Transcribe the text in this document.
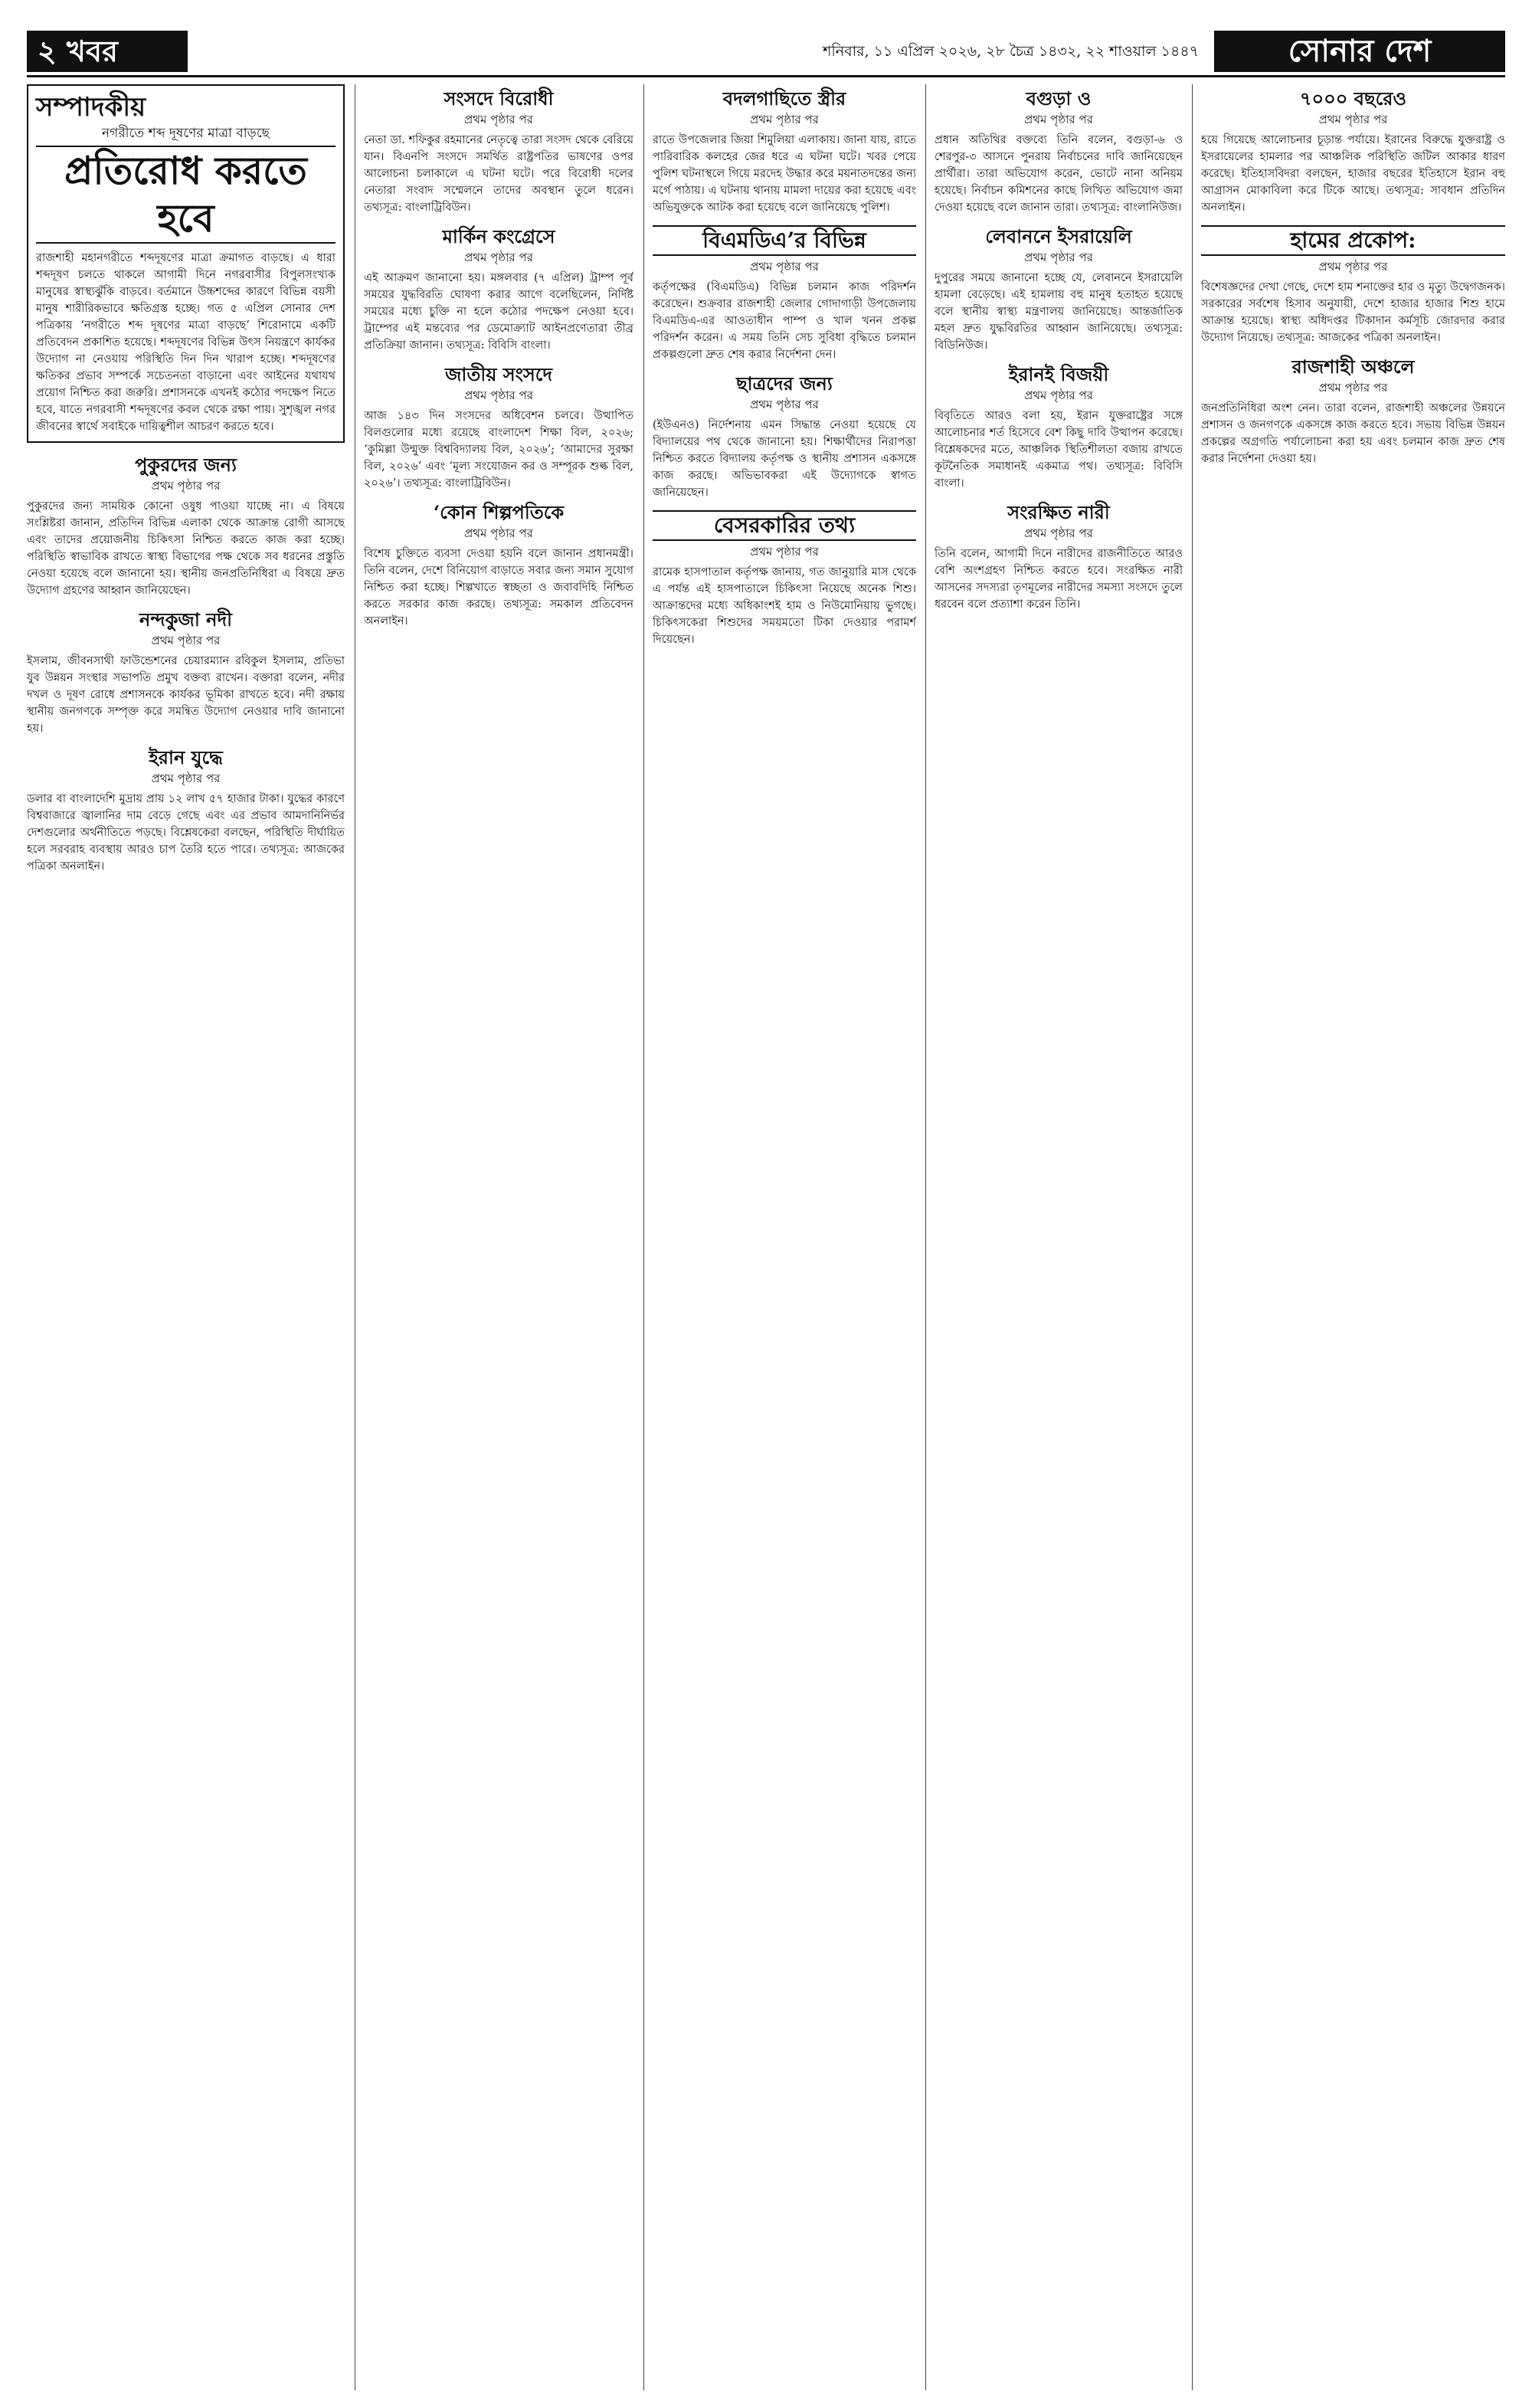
২ খবর	শনিবার, ১১ এপ্রিল ২০২৬, ২৮ চৈত্র ১৪৩২, ২২ শাওয়াল ১৪৪৭	সোনার দেশ
সম্পাদকীয়
নগরীতে শব্দ দূষণের মাত্রা বাড়ছে
প্রতিরোধ করতে হবে
রাজশাহী মহানগরীতে শব্দদূষণের মাত্রা ক্রমাগত বাড়ছে। এ ধারা শব্দদূষণ চলতে থাকলে আগামী দিনে নগরবাসীর বিপুলসংখ্যক মানুষের স্বাস্থ্যঝুঁকি বাড়বে। বর্তমানে উচ্চশব্দের কারণে বিভিন্ন বয়সী মানুষ শারীরিকভাবে ক্ষতিগ্রস্ত হচ্ছে। গত ৫ এপ্রিল সোনার দেশ পত্রিকায় ‘নগরীতে শব্দ দূষণের মাত্রা বাড়ছে’ শিরোনামে একটি প্রতিবেদন প্রকাশিত হয়েছে। শব্দদূষণের বিভিন্ন উৎস নিয়ন্ত্রণে কার্যকর উদ্যোগ না নেওয়ায় পরিস্থিতি দিন দিন খারাপ হচ্ছে। শব্দদূষণের ক্ষতিকর প্রভাব সম্পর্কে সচেতনতা বাড়ানো এবং আইনের যথাযথ প্রয়োগ নিশ্চিত করা জরুরি। প্রশাসনকে এখনই কঠোর পদক্ষেপ নিতে হবে, যাতে নগরবাসী শব্দদূষণের কবল থেকে রক্ষা পায়। সুশৃঙ্খল নগর জীবনের স্বার্থে সবাইকে দায়িত্বশীল আচরণ করতে হবে।
পুকুরদের জন্য
প্রথম পৃষ্ঠার পর
পুকুরদের জন্য সাময়িক কোনো ওষুধ পাওয়া যাচ্ছে না। এ বিষয়ে সংশ্লিষ্টরা জানান, প্রতিদিন বিভিন্ন এলাকা থেকে আক্রান্ত রোগী আসছে এবং তাদের প্রয়োজনীয় চিকিৎসা নিশ্চিত করতে কাজ করা হচ্ছে। পরিস্থিতি স্বাভাবিক রাখতে স্বাস্থ্য বিভাগের পক্ষ থেকে সব ধরনের প্রস্তুতি নেওয়া হয়েছে বলে জানানো হয়। স্থানীয় জনপ্রতিনিধিরা এ বিষয়ে দ্রুত উদ্যোগ গ্রহণের আহ্বান জানিয়েছেন।
নন্দকুজা নদী
প্রথম পৃষ্ঠার পর
ইসলাম, জীবনসাথী ফাউন্ডেশনের চেয়ারম্যান রবিকুল ইসলাম, প্রতিভা যুব উন্নয়ন সংস্থার সভাপতি প্রমুখ বক্তব্য রাখেন। বক্তারা বলেন, নদীর দখল ও দূষণ রোধে প্রশাসনকে কার্যকর ভূমিকা রাখতে হবে। নদী রক্ষায় স্থানীয় জনগণকে সম্পৃক্ত করে সমন্বিত উদ্যোগ নেওয়ার দাবি জানানো হয়।
ইরান যুদ্ধে
প্রথম পৃষ্ঠার পর
ডলার বা বাংলাদেশি মুদ্রায় প্রায় ১২ লাখ ৫৭ হাজার টাকা। যুদ্ধের কারণে বিশ্ববাজারে জ্বালানির দাম বেড়ে গেছে এবং এর প্রভাব আমদানিনির্ভর দেশগুলোর অর্থনীতিতে পড়ছে। বিশ্লেষকেরা বলছেন, পরিস্থিতি দীর্ঘায়িত হলে সরবরাহ ব্যবস্থায় আরও চাপ তৈরি হতে পারে। তথ্যসূত্র: আজকের পত্রিকা অনলাইন।
সংসদে বিরোধী
প্রথম পৃষ্ঠার পর
নেতা ডা. শফিকুর রহমানের নেতৃত্বে তারা সংসদ থেকে বেরিয়ে যান। বিএনপি সংসদে সমর্থিত রাষ্ট্রপতির ভাষণের ওপর আলোচনা চলাকালে এ ঘটনা ঘটে। পরে বিরোধী দলের নেতারা সংবাদ সম্মেলনে তাদের অবস্থান তুলে ধরেন। তথ্যসূত্র: বাংলাট্রিবিউন।
মার্কিন কংগ্রেসে
প্রথম পৃষ্ঠার পর
এই আক্রমণ জানানো হয়। মঙ্গলবার (৭ এপ্রিল) ট্রাম্প পূর্ব সময়ের যুদ্ধবিরতি ঘোষণা করার আগে বলেছিলেন, নির্দিষ্ট সময়ের মধ্যে চুক্তি না হলে কঠোর পদক্ষেপ নেওয়া হবে। ট্রাম্পের এই মন্তব্যের পর ডেমোক্র্যাট আইনপ্রণেতারা তীব্র প্রতিক্রিয়া জানান। তথ্যসূত্র: বিবিসি বাংলা।
জাতীয় সংসদে
প্রথম পৃষ্ঠার পর
আজ ১৪৩ দিন সংসদের অধিবেশন চলবে। উত্থাপিত বিলগুলোর মধ্যে রয়েছে বাংলাদেশ শিক্ষা বিল, ২০২৬; ‘কুমিল্লা উন্মুক্ত বিশ্ববিদ্যালয় বিল, ২০২৬’; ‘আমাদের সুরক্ষা বিল, ২০২৬’ এবং ‘মূল্য সংযোজন কর ও সম্পূরক শুল্ক বিল, ২০২৬’। তথ্যসূত্র: বাংলাট্রিবিউন।
‘কোন শিল্পপতিকে
প্রথম পৃষ্ঠার পর
বিশেষ চুক্তিতে ব্যবসা দেওয়া হয়নি বলে জানান প্রধানমন্ত্রী। তিনি বলেন, দেশে বিনিয়োগ বাড়াতে সবার জন্য সমান সুযোগ নিশ্চিত করা হচ্ছে। শিল্পখাতে স্বচ্ছতা ও জবাবদিহি নিশ্চিত করতে সরকার কাজ করছে। তথ্যসূত্র: সমকাল প্রতিবেদন অনলাইন।
বদলগাছিতে স্ত্রীর
প্রথম পৃষ্ঠার পর
রাতে উপজেলার জিয়া শিমুলিয়া এলাকায়। জানা যায়, রাতে পারিবারিক কলহের জের ধরে এ ঘটনা ঘটে। খবর পেয়ে পুলিশ ঘটনাস্থলে গিয়ে মরদেহ উদ্ধার করে ময়নাতদন্তের জন্য মর্গে পাঠায়। এ ঘটনায় থানায় মামলা দায়ের করা হয়েছে এবং অভিযুক্তকে আটক করা হয়েছে বলে জানিয়েছে পুলিশ।
বিএমডিএ’র বিভিন্ন
প্রথম পৃষ্ঠার পর
কর্তৃপক্ষের (বিএমডিএ) বিভিন্ন চলমান কাজ পরিদর্শন করেছেন। শুক্রবার রাজশাহী জেলার গোদাগাড়ী উপজেলায় বিএমডিএ-এর আওতাধীন পাম্প ও খাল খনন প্রকল্প পরিদর্শন করেন। এ সময় তিনি সেচ সুবিধা বৃদ্ধিতে চলমান প্রকল্পগুলো দ্রুত শেষ করার নির্দেশনা দেন।
ছাত্রদের জন্য
প্রথম পৃষ্ঠার পর
(ইউএনও) নির্দেশনায় এমন সিদ্ধান্ত নেওয়া হয়েছে যে বিদ্যালয়ের পথ থেকে জানানো হয়। শিক্ষার্থীদের নিরাপত্তা নিশ্চিত করতে বিদ্যালয় কর্তৃপক্ষ ও স্থানীয় প্রশাসন একসঙ্গে কাজ করছে। অভিভাবকরা এই উদ্যোগকে স্বাগত জানিয়েছেন।
বেসরকারির তথ্য
প্রথম পৃষ্ঠার পর
রামেক হাসপাতাল কর্তৃপক্ষ জানায়, গত জানুয়ারি মাস থেকে এ পর্যন্ত এই হাসপাতালে চিকিৎসা নিয়েছে অনেক শিশু। আক্রান্তদের মধ্যে অধিকাংশই হাম ও নিউমোনিয়ায় ভুগছে। চিকিৎসকেরা শিশুদের সময়মতো টিকা দেওয়ার পরামর্শ দিয়েছেন।
বগুড়া ও
প্রথম পৃষ্ঠার পর
প্রধান অতিথির বক্তব্যে তিনি বলেন, বগুড়া-৬ ও শেরপুর-৩ আসনে পুনরায় নির্বাচনের দাবি জানিয়েছেন প্রার্থীরা। তারা অভিযোগ করেন, ভোটে নানা অনিয়ম হয়েছে। নির্বাচন কমিশনের কাছে লিখিত অভিযোগ জমা দেওয়া হয়েছে বলে জানান তারা। তথ্যসূত্র: বাংলানিউজ।
লেবাননে ইসরায়েলি
প্রথম পৃষ্ঠার পর
দুপুরের সময়ে জানানো হচ্ছে যে, লেবাননে ইসরায়েলি হামলা বেড়েছে। এই হামলায় বহু মানুষ হতাহত হয়েছে বলে স্থানীয় স্বাস্থ্য মন্ত্রণালয় জানিয়েছে। আন্তর্জাতিক মহল দ্রুত যুদ্ধবিরতির আহ্বান জানিয়েছে। তথ্যসূত্র: বিডিনিউজ।
ইরানই বিজয়ী
প্রথম পৃষ্ঠার পর
বিবৃতিতে আরও বলা হয়, ইরান যুক্তরাষ্ট্রের সঙ্গে আলোচনার শর্ত হিসেবে বেশ কিছু দাবি উত্থাপন করেছে। বিশ্লেষকদের মতে, আঞ্চলিক স্থিতিশীলতা বজায় রাখতে কূটনৈতিক সমাধানই একমাত্র পথ। তথ্যসূত্র: বিবিসি বাংলা।
সংরক্ষিত নারী
প্রথম পৃষ্ঠার পর
তিনি বলেন, আগামী দিনে নারীদের রাজনীতিতে আরও বেশি অংশগ্রহণ নিশ্চিত করতে হবে। সংরক্ষিত নারী আসনের সদস্যরা তৃণমূলের নারীদের সমস্যা সংসদে তুলে ধরবেন বলে প্রত্যাশা করেন তিনি।
৭০০০ বছরেও
প্রথম পৃষ্ঠার পর
হয়ে গিয়েছে আলোচনার চূড়ান্ত পর্যায়ে। ইরানের বিরুদ্ধে যুক্তরাষ্ট্র ও ইসরায়েলের হামলার পর আঞ্চলিক পরিস্থিতি জটিল আকার ধারণ করেছে। ইতিহাসবিদরা বলছেন, হাজার বছরের ইতিহাসে ইরান বহু আগ্রাসন মোকাবিলা করে টিকে আছে। তথ্যসূত্র: সাবধান প্রতিদিন অনলাইন।
হামের প্রকোপ:
প্রথম পৃষ্ঠার পর
বিশেষজ্ঞদের দেখা গেছে, দেশে হাম শনাক্তের হার ও মৃত্যু উদ্বেগজনক। সরকারের সর্বশেষ হিসাব অনুযায়ী, দেশে হাজার হাজার শিশু হামে আক্রান্ত হয়েছে। স্বাস্থ্য অধিদপ্তর টিকাদান কর্মসূচি জোরদার করার উদ্যোগ নিয়েছে। তথ্যসূত্র: আজকের পত্রিকা অনলাইন।
রাজশাহী অঞ্চলে
প্রথম পৃষ্ঠার পর
জনপ্রতিনিধিরা অংশ নেন। তারা বলেন, রাজশাহী অঞ্চলের উন্নয়নে প্রশাসন ও জনগণকে একসঙ্গে কাজ করতে হবে। সভায় বিভিন্ন উন্নয়ন প্রকল্পের অগ্রগতি পর্যালোচনা করা হয় এবং চলমান কাজ দ্রুত শেষ করার নির্দেশনা দেওয়া হয়।
